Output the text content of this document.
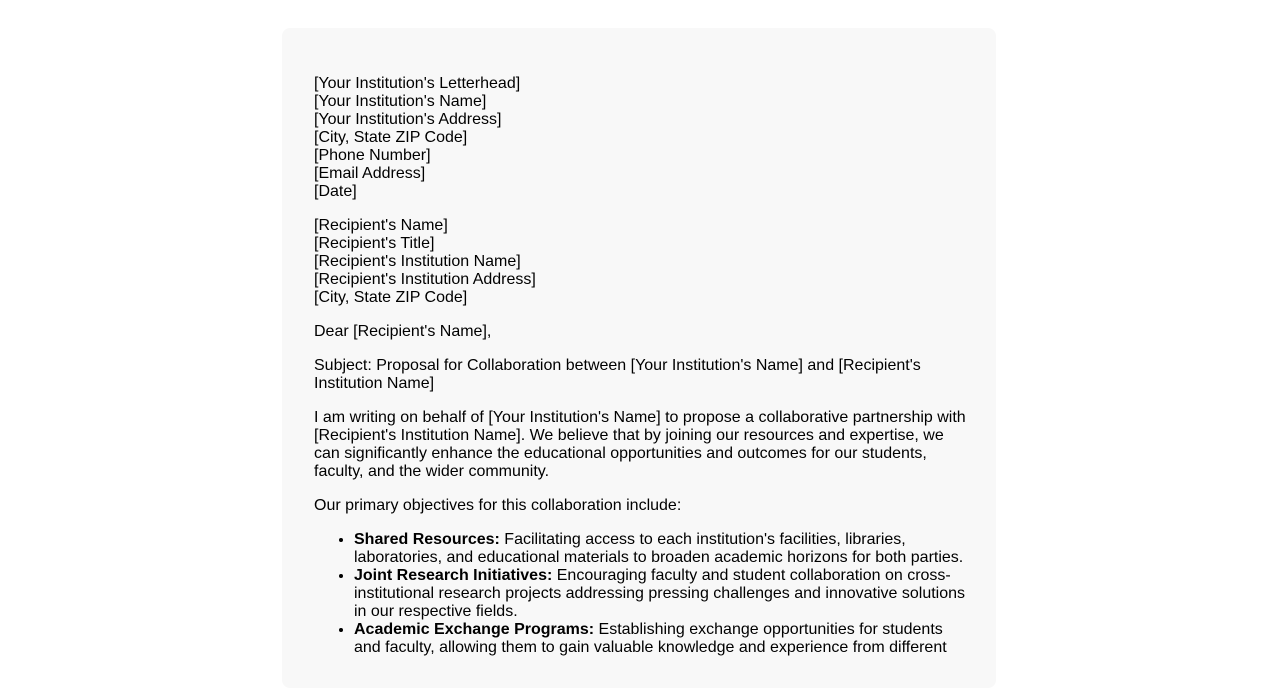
[Your Institution's Letterhead]
[Your Institution's Name]
[Your Institution's Address]
[City, State ZIP Code]
[Phone Number]
[Email Address]
[Date]
[Recipient's Name]
[Recipient's Title]
[Recipient's Institution Name]
[Recipient's Institution Address]
[City, State ZIP Code]

Dear [Recipient's Name],

Subject: Proposal for Collaboration between [Your Institution's Name] and [Recipient's Institution Name]

I am writing on behalf of [Your Institution's Name] to propose a collaborative partnership with [Recipient's Institution Name]. We believe that by joining our resources and expertise, we can significantly enhance the educational opportunities and outcomes for our students, faculty, and the wider community.

Our primary objectives for this collaboration include:

• Shared Resources: Facilitating access to each institution's facilities, libraries, laboratories, and educational materials to broaden academic horizons for both parties.
• Joint Research Initiatives: Encouraging faculty and student collaboration on cross-institutional research projects addressing pressing challenges and innovative solutions in our respective fields.
• Academic Exchange Programs: Establishing exchange opportunities for students and faculty, allowing them to gain valuable knowledge and experience from different
